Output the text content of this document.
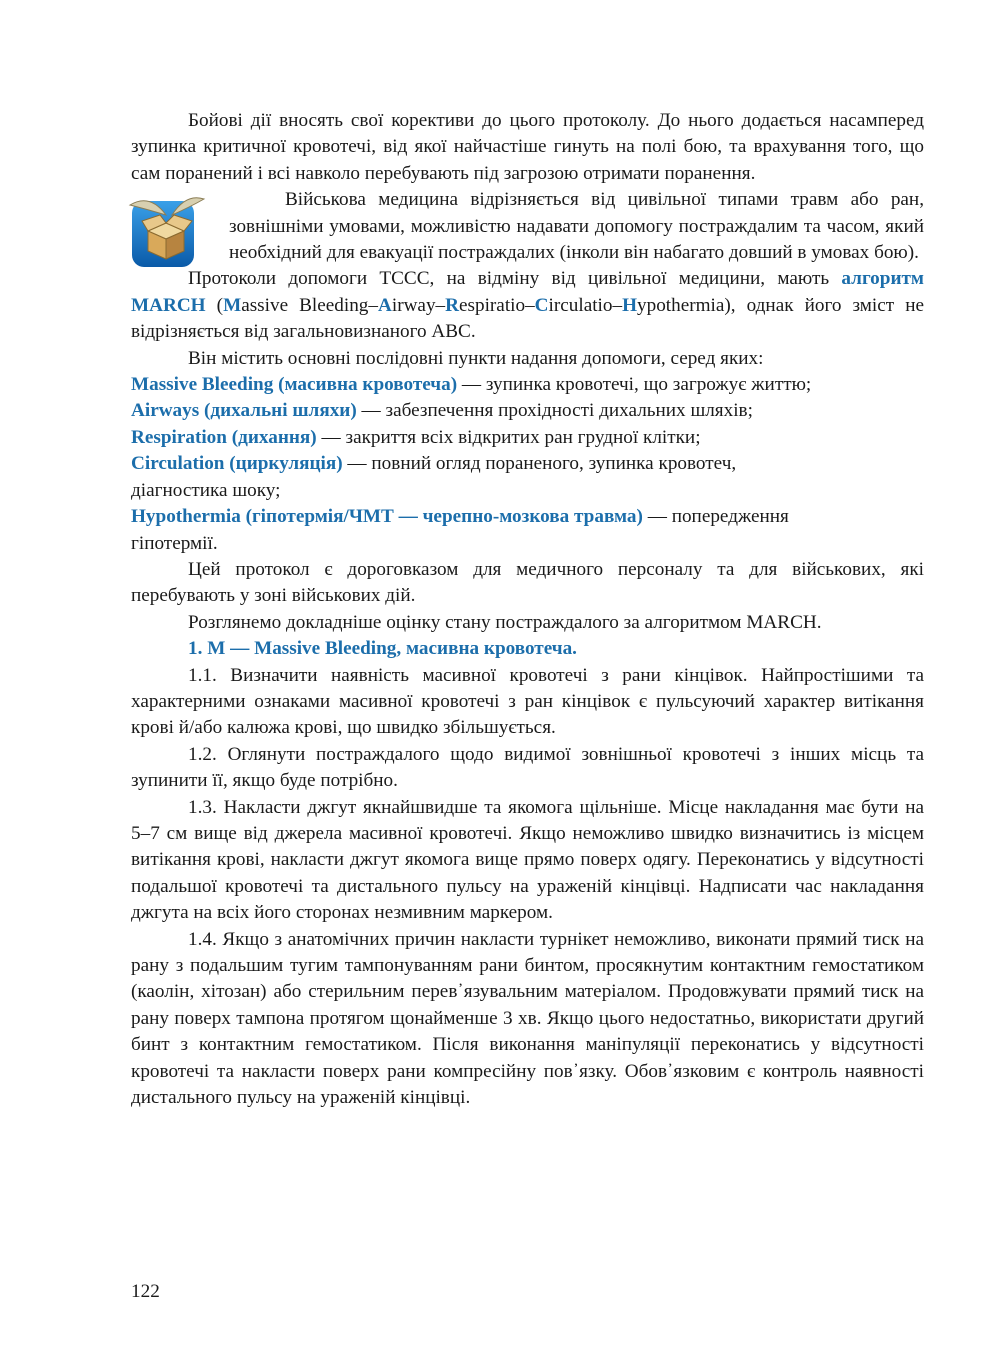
Бойові дії вносять свої корективи до цього протоколу. До нього додається насамперед зупинка критичної кровотечі, від якої найчастіше гинуть на полі бою, та врахування того, що сам поранений і всі навколо перебувають під загрозою отримати поранення.

Військова медицина відрізняється від цивільної типами травм або ран, зовнішніми умовами, можливістю надавати допомогу постраждалим та часом, який необхідний для евакуації постраждалих (інколи він набагато довший в умовах бою).

Протоколи допомоги ТССС, на відміну від цивільної медицини, мають алгоритм MARCH (Massive Bleeding–Airway–Respiratio–Circulatio–Hypothermia), однак його зміст не відрізняється від загальновизнаного АВС.

Він містить основні послідовні пункти надання допомоги, серед яких:

Massive Bleeding (масивна кровотеча) — зупинка кровотечі, що загрожує життю;

Airways (дихальні шляхи) — забезпечення прохідності дихальних шляхів;

Respiration (дихання) — закриття всіх відкритих ран грудної клітки;

Circulation (циркуляція) — повний огляд пораненого, зупинка кровотеч, діагностика шоку;

Hypothermia (гіпотермія/ЧМТ — черепно-мозкова травма) — попередження гіпотермії.

Цей протокол є дороговказом для медичного персоналу та для військових, які перебувають у зоні військових дій.

Розглянемо докладніше оцінку стану постраждалого за алгоритмом MARCH.

1. M — Massive Bleeding, масивна кровотеча.

1.1. Визначити наявність масивної кровотечі з рани кінцівок. Найпростішими та характерними ознаками масивної кровотечі з ран кінцівок є пульсуючий характер витікання крові й/або калюжа крові, що швидко збільшується.

1.2. Оглянути постраждалого щодо видимої зовнішньої кровотечі з інших місць та зупинити її, якщо буде потрібно.

1.3. Накласти джгут якнайшвидше та якомога щільніше. Місце накладання має бути на 5–7 см вище від джерела масивної кровотечі. Якщо неможливо швидко визначитись із місцем витікання крові, накласти джгут якомога вище прямо поверх одягу. Переконатись у відсутності подальшої кровотечі та дистального пульсу на ураженій кінцівці. Надписати час накладання джгута на всіх його сторонах незмивним маркером.

1.4. Якщо з анатомічних причин накласти турнікет неможливо, виконати прямий тиск на рану з подальшим тугим тампонуванням рани бинтом, просякнутим контактним гемостатиком (каолін, хітозан) або стерильним перев᾿язувальним матеріалом. Продовжувати прямий тиск на рану поверх тампона протягом щонайменше 3 хв. Якщо цього недостатньо, використати другий бинт з контактним гемостатиком. Після виконання маніпуляції переконатись у відсутності кровотечі та накласти поверх рани компресійну пов᾿язку. Обов᾿язковим є контроль наявності дистального пульсу на ураженій кінцівці.

122
